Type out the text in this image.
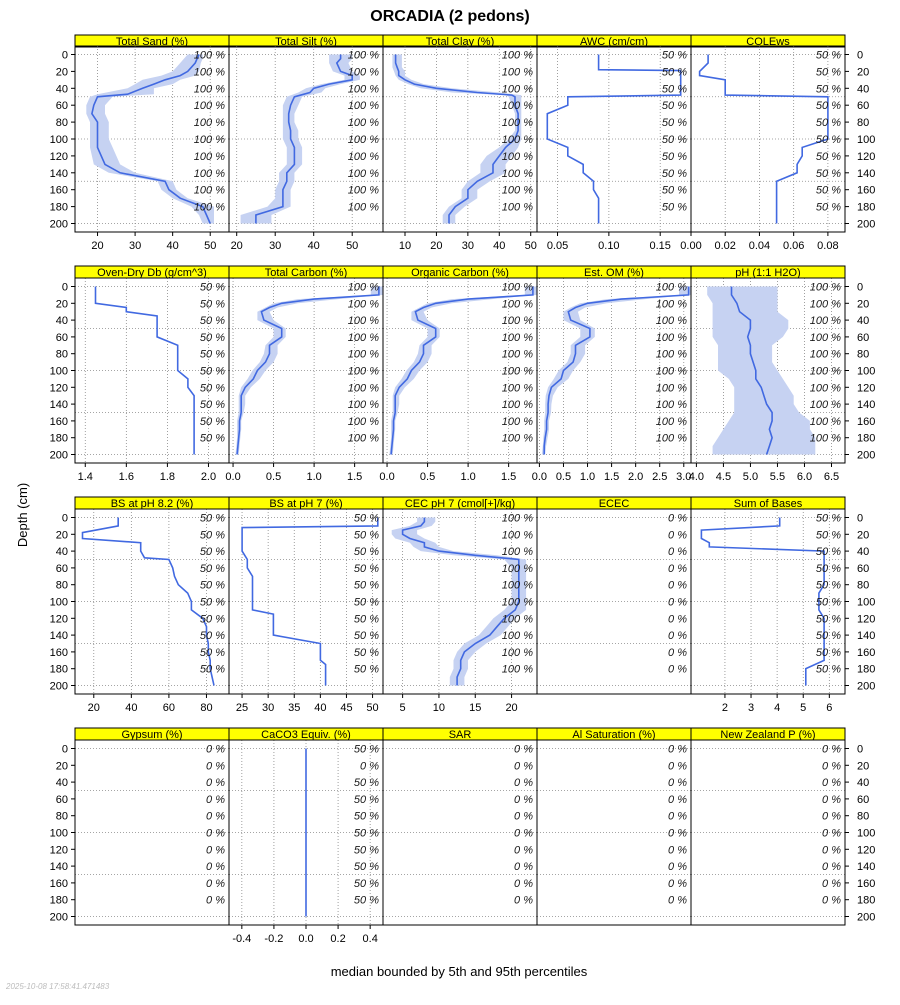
ORCADIA (2 pedons)
Depth (cm)
median bounded by 5th and 95th percentiles
2025-10-08 17:58:41.471483
Total Sand (%)
100 %
100 %
100 %
100 %
100 %
100 %
100 %
100 %
100 %
100 %
20 30 40 50
0
20
40
60
80
100
120
140
160
180
200
Total Silt (%)
100 %
100 %
100 %
100 %
100 %
100 %
100 %
100 %
100 %
100 %
20 30 40 50
Total Clay (%)
100 %
100 %
100 %
100 %
100 %
100 %
100 %
100 %
100 %
100 %
10 20 30 40 50
AWC (cm/cm)
50 %
50 %
50 %
50 %
50 %
50 %
50 %
50 %
50 %
50 %
0.05	0.10	0.15
COLEws
50 %
50 %
50 %
50 %
50 %
50 %
50 %
50 %
50 %
50 %
0.00 0.02 0.04 0.06 0.08
0
20
40
60
80
100
120
140
160
180
200
Oven-Dry Db (g/cm^3)
50 %
50 %
50 %
50 %
50 %
50 %
50 %
50 %
50 %
50 %
1.4 1.6 1.8 2.0
0
20
40
60
80
100
120
140
160
180
200
Total Carbon (%)
100 %
100 %
100 %
100 %
100 %
100 %
100 %
100 %
100 %
100 %
0.0 0.5 1.0 1.5
Organic Carbon (%)
100 %
100 %
100 %
100 %
100 %
100 %
100 %
100 %
100 %
100 %
0.0 0.5 1.0 1.5
Est. OM (%)
100 %
100 %
100 %
100 %
100 %
100 %
100 %
100 %
100 %
100 %
0.0 0.5 1.0 1.5 2.0 2.5 3.0
pH (1:1 H2O)
100 %
100 %
100 %
100 %
100 %
100 %
100 %
100 %
100 %
100 %
4.0 4.5 5.0 5.5 6.0 6.5
0
20
40
60
80
100
120
140
160
180
200
BS at pH 8.2 (%)
50 %
50 %
50 %
50 %
50 %
50 %
50 %
50 %
50 %
50 %
20 40 60 80
0
20
40
60
80
100
120
140
160
180
200
BS at pH 7 (%)
50 %
50 %
50 %
50 %
50 %
50 %
50 %
50 %
50 %
50 %
25 30 35 40 45 50
CEC pH 7 (cmol[+]/kg)
100 %
100 %
100 %
100 %
100 %
100 %
100 %
100 %
100 %
100 %
5 10 15 20
ECEC
0 %
0 %
0 %
0 %
0 %
0 %
0 %
0 %
0 %
0 %
Sum of Bases
50 %
50 %
50 %
50 %
50 %
50 %
50 %
50 %
50 %
50 %
2 3 4 5 6
0
20
40
60
80
100
120
140
160
180
200
Gypsum (%)
0 %
0 %
0 %
0 %
0 %
0 %
0 %
0 %
0 %
0 %
0
20
40
60
80
100
120
140
160
180
200
CaCO3 Equiv. (%)
50 %
0 %
50 %
50 %
50 %
50 %
50 %
50 %
50 %
50 %
-0.4 -0.2 0.0 0.2 0.4
SAR
0 %
0 %
0 %
0 %
0 %
0 %
0 %
0 %
0 %
0 %
Al Saturation (%)
0 %
0 %
0 %
0 %
0 %
0 %
0 %
0 %
0 %
0 %
New Zealand P (%)
0 %
0 %
0 %
0 %
0 %
0 %
0 %
0 %
0 %
0 %
0
20
40
60
80
100
120
140
160
180
200
